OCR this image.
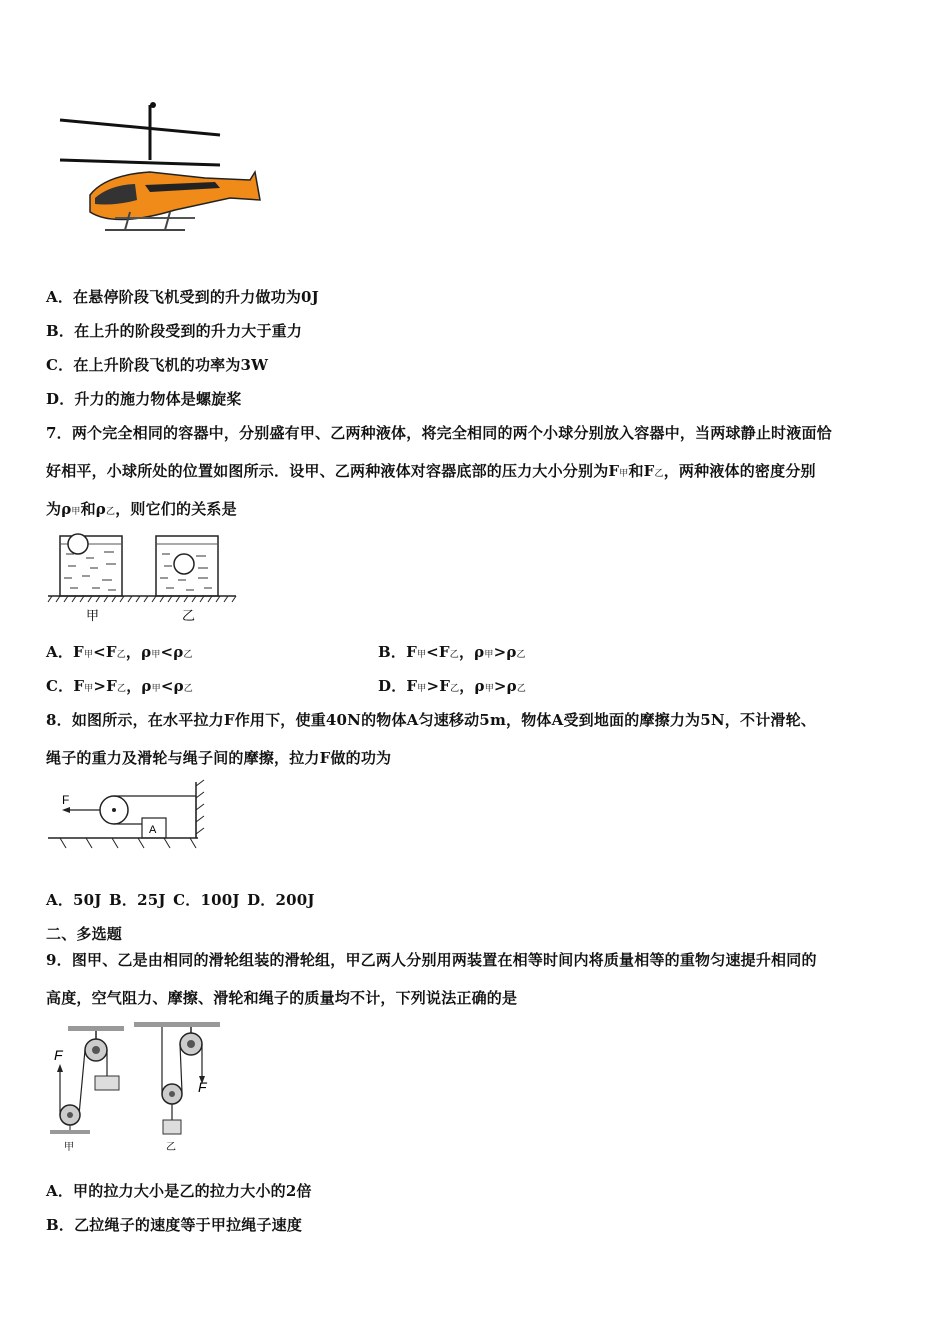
A．在悬停阶段飞机受到的升力做功为0J
B．在上升的阶段受到的升力大于重力
C．在上升阶段飞机的功率为3W
D．升力的施力物体是螺旋桨
7．两个完全相同的容器中，分别盛有甲、乙两种液体，将完全相同的两个小球分别放入容器中，当两球静止时液面恰
好相平，小球所处的位置如图所示．设甲、乙两种液体对容器底部的压力大小分别为F甲和F乙，两种液体的密度分别
为ρ甲和ρ乙，则它们的关系是
甲	乙
A．F甲<F乙，ρ甲<ρ乙	B．F甲<F乙，ρ甲>ρ乙
C．F甲>F乙，ρ甲<ρ乙	D．F甲>F乙，ρ甲>ρ乙
8．如图所示，在水平拉力F作用下，使重40N的物体A匀速移动5m，物体A受到地面的摩擦力为5N，不计滑轮、
绳子的重力及滑轮与绳子间的摩擦，拉力F做的功为
F
A
A．50J B．25J C．100J D．200J
二、多选题
9．图甲、乙是由相同的滑轮组装的滑轮组，甲乙两人分别用两装置在相等时间内将质量相等的重物匀速提升相同的
高度，空气阻力、摩擦、滑轮和绳子的质量均不计，下列说法正确的是
F
甲
F
乙
A．甲的拉力大小是乙的拉力大小的2倍
B．乙拉绳子的速度等于甲拉绳子速度
